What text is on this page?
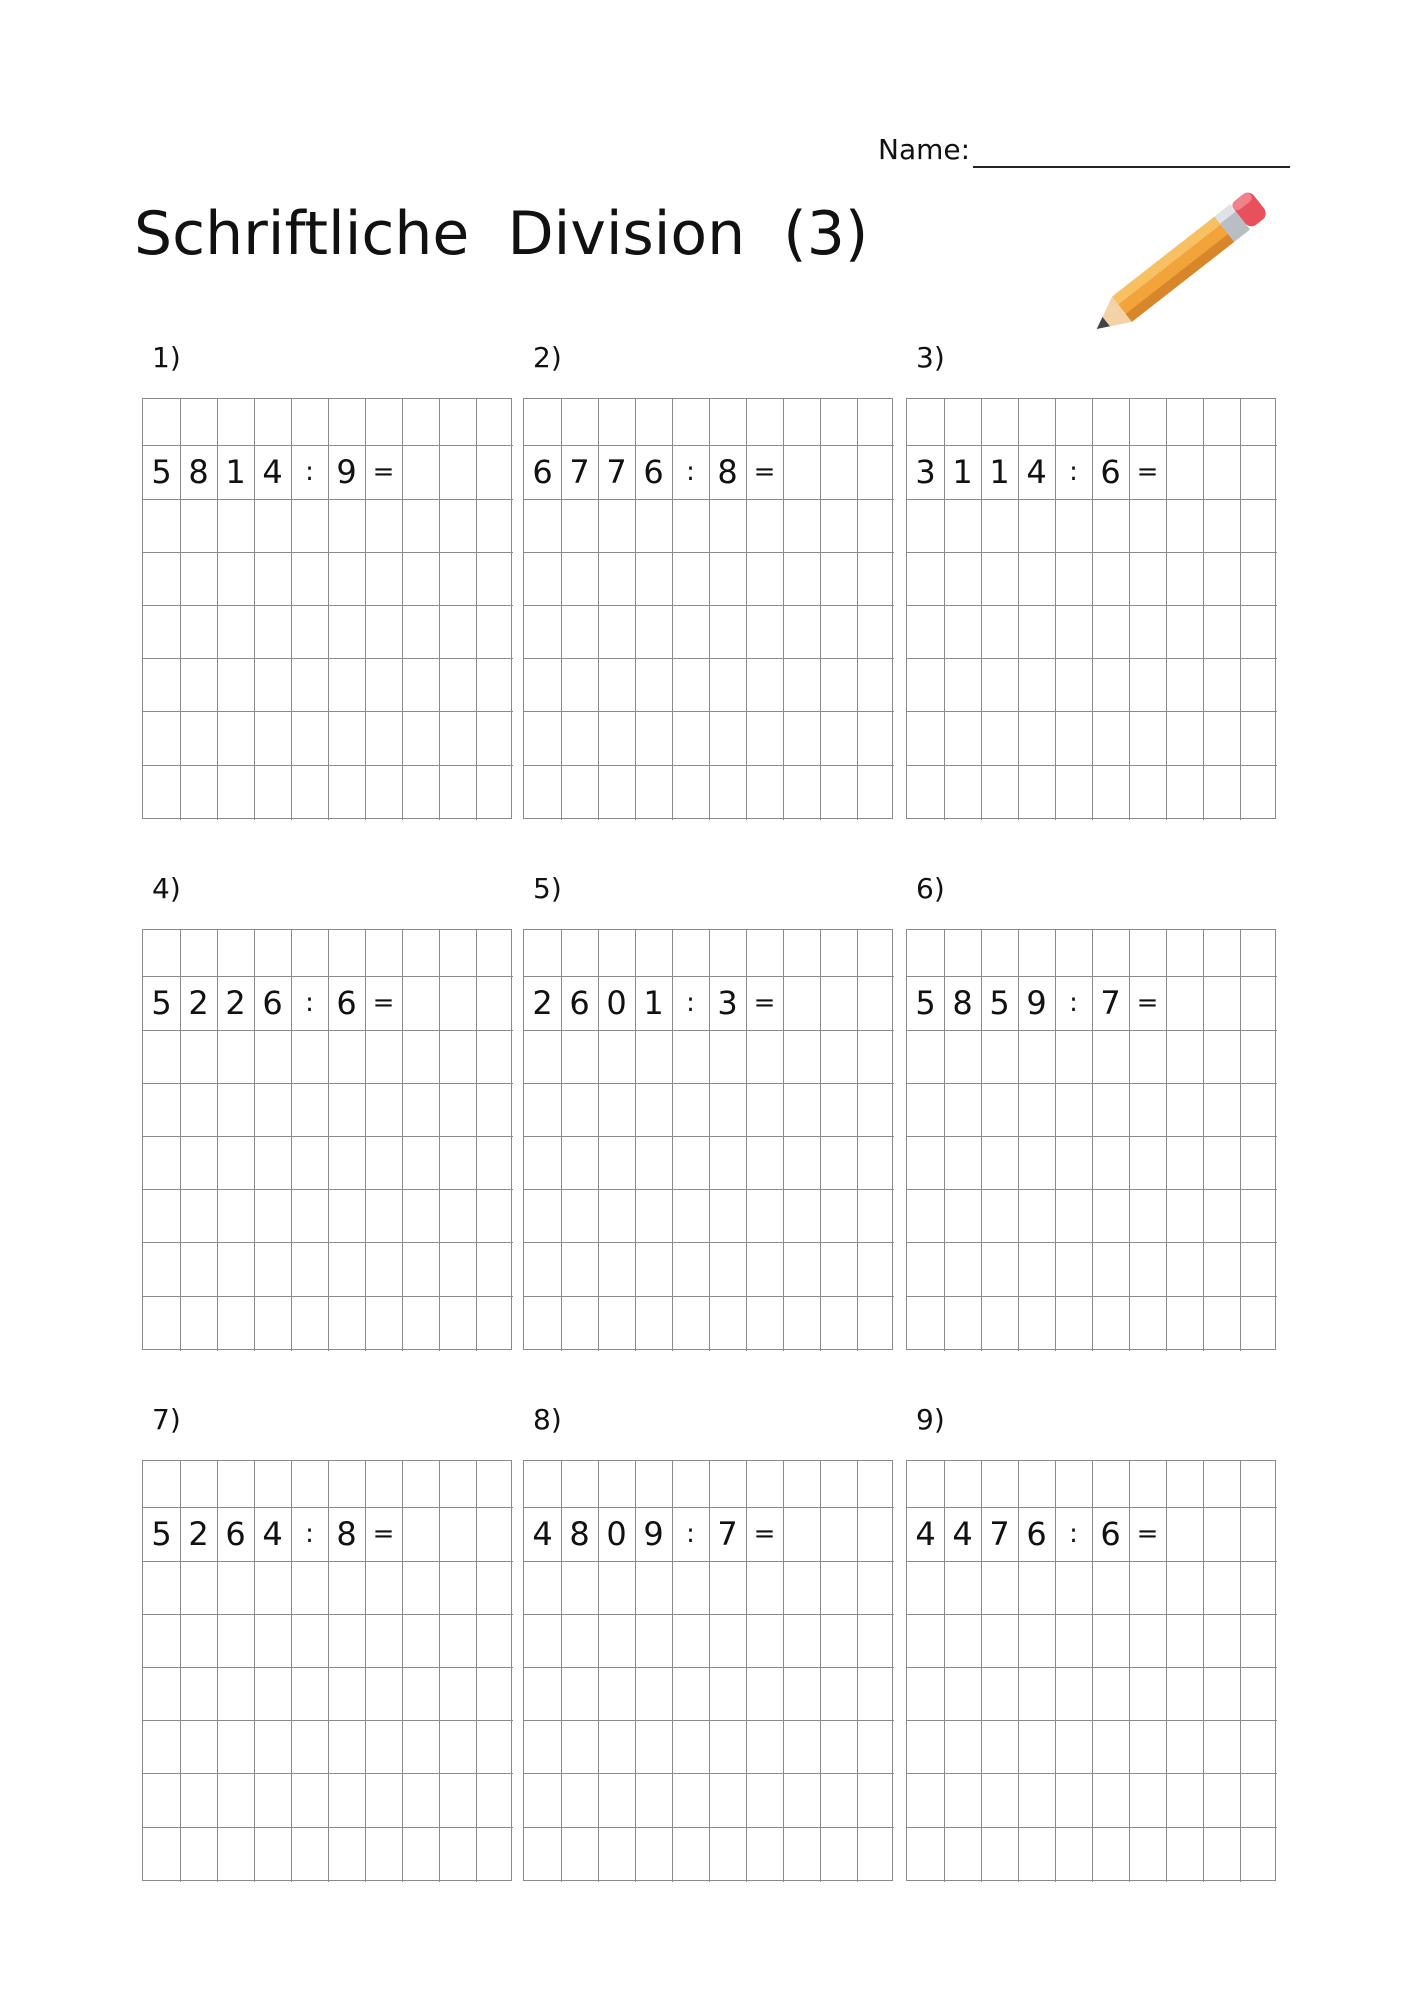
Name:
Schriftliche  Division  (3)
1)
5 8 1 4 : 9 =
2)
6 7 7 6 : 8 =
3)
3 1 1 4 : 6 =
4)
5 2 2 6 : 6 =
5)
2 6 0 1 : 3 =
6)
5 8 5 9 : 7 =
7)
5 2 6 4 : 8 =
8)
4 8 0 9 : 7 =
9)
4 4 7 6 : 6 =
